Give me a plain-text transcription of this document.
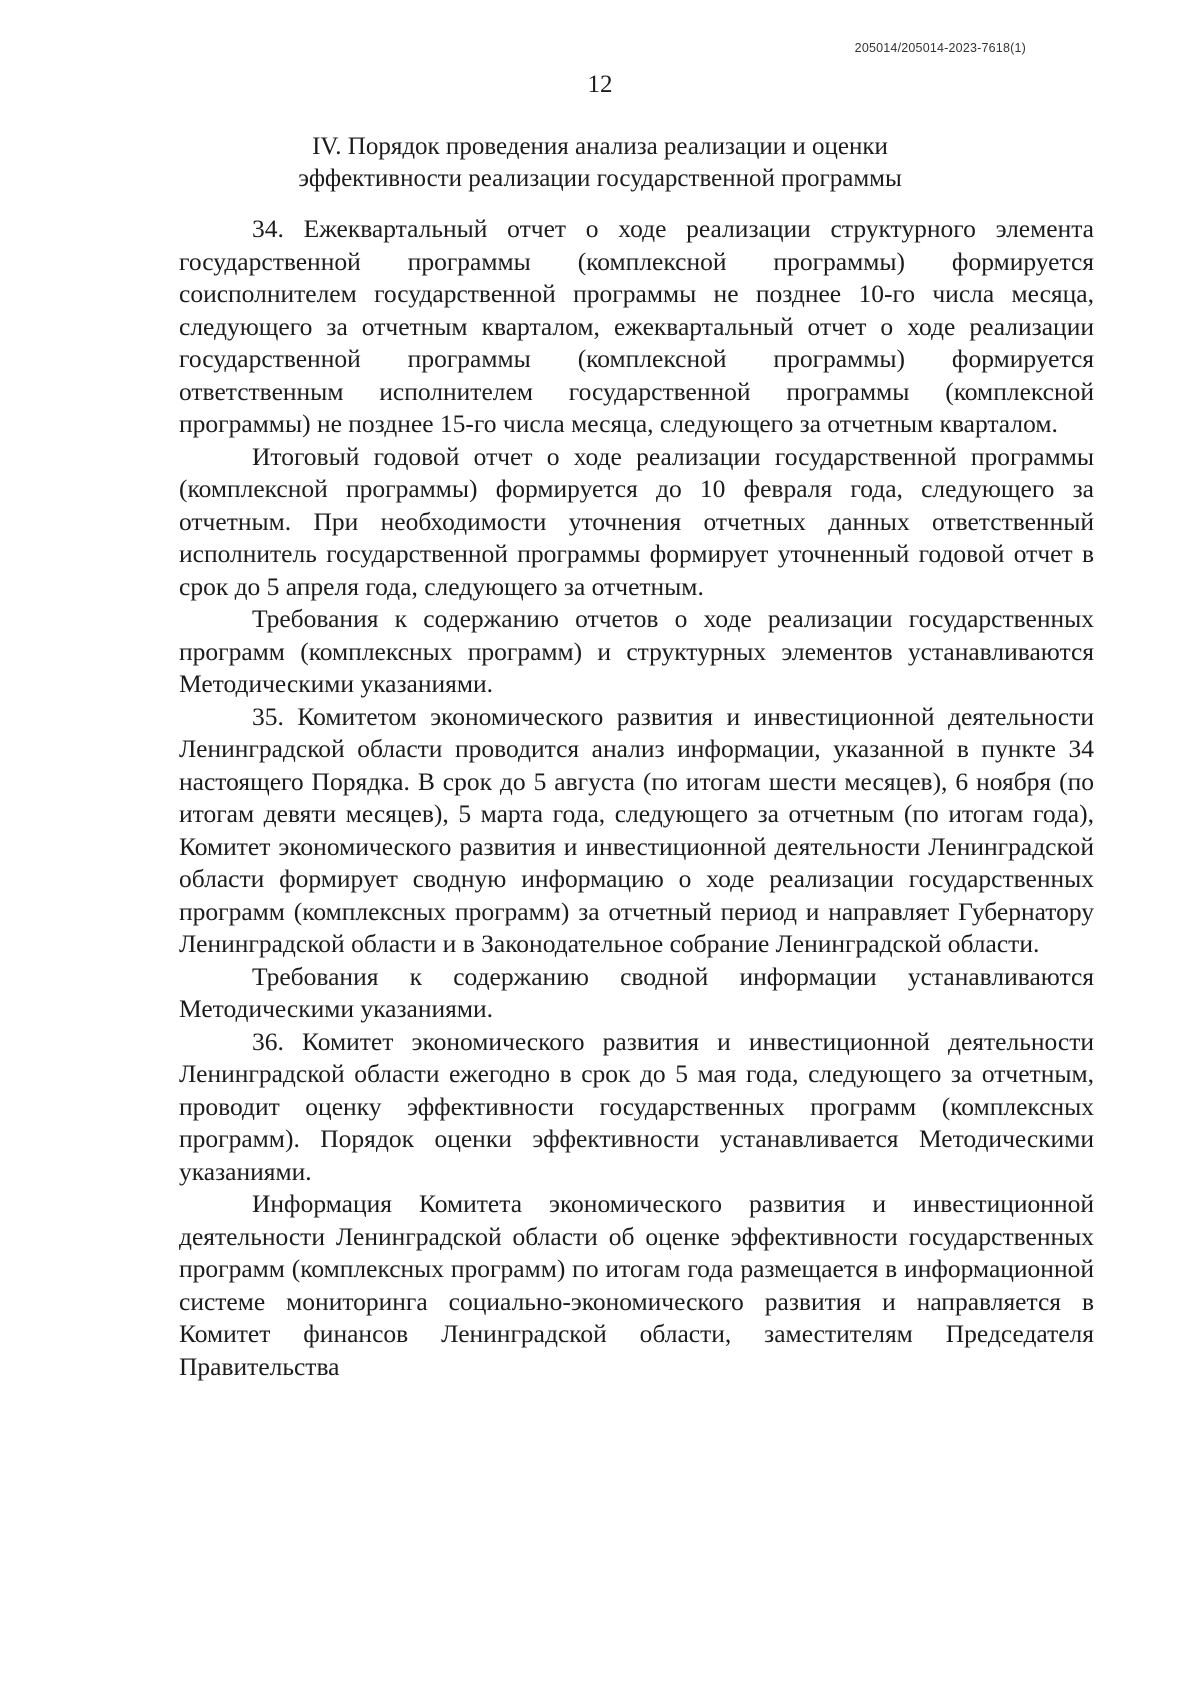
205014/205014-2023-7618(1)
12
IV. Порядок проведения анализа реализации и оценки
эффективности реализации государственной программы

34. Ежеквартальный отчет о ходе реализации структурного элемента государственной программы (комплексной программы) формируется соисполнителем государственной программы не позднее 10-го числа месяца, следующего за отчетным кварталом, ежеквартальный отчет о ходе реализации государственной программы (комплексной программы) формируется ответственным исполнителем государственной программы (комплексной программы) не позднее 15-го числа месяца, следующего за отчетным кварталом.

Итоговый годовой отчет о ходе реализации государственной программы (комплексной программы) формируется до 10 февраля года, следующего за отчетным. При необходимости уточнения отчетных данных ответственный исполнитель государственной программы формирует уточненный годовой отчет в срок до 5 апреля года, следующего за отчетным.

Требования к содержанию отчетов о ходе реализации государственных программ (комплексных программ) и структурных элементов устанавливаются Методическими указаниями.

35. Комитетом экономического развития и инвестиционной деятельности Ленинградской области проводится анализ информации, указанной в пункте 34 настоящего Порядка. В срок до 5 августа (по итогам шести месяцев), 6 ноября (по итогам девяти месяцев), 5 марта года, следующего за отчетным (по итогам года), Комитет экономического развития и инвестиционной деятельности Ленинградской области формирует сводную информацию о ходе реализации государственных программ (комплексных программ) за отчетный период и направляет Губернатору Ленинградской области и в Законодательное собрание Ленинградской области.

Требования к содержанию сводной информации устанавливаются Методическими указаниями.

36. Комитет экономического развития и инвестиционной деятельности Ленинградской области ежегодно в срок до 5 мая года, следующего за отчетным, проводит оценку эффективности государственных программ (комплексных программ). Порядок оценки эффективности устанавливается Методическими указаниями.

Информация Комитета экономического развития и инвестиционной деятельности Ленинградской области об оценке эффективности государственных программ (комплексных программ) по итогам года размещается в информационной системе мониторинга социально-экономического развития и направляется в Комитет финансов Ленинградской области, заместителям Председателя Правительства
